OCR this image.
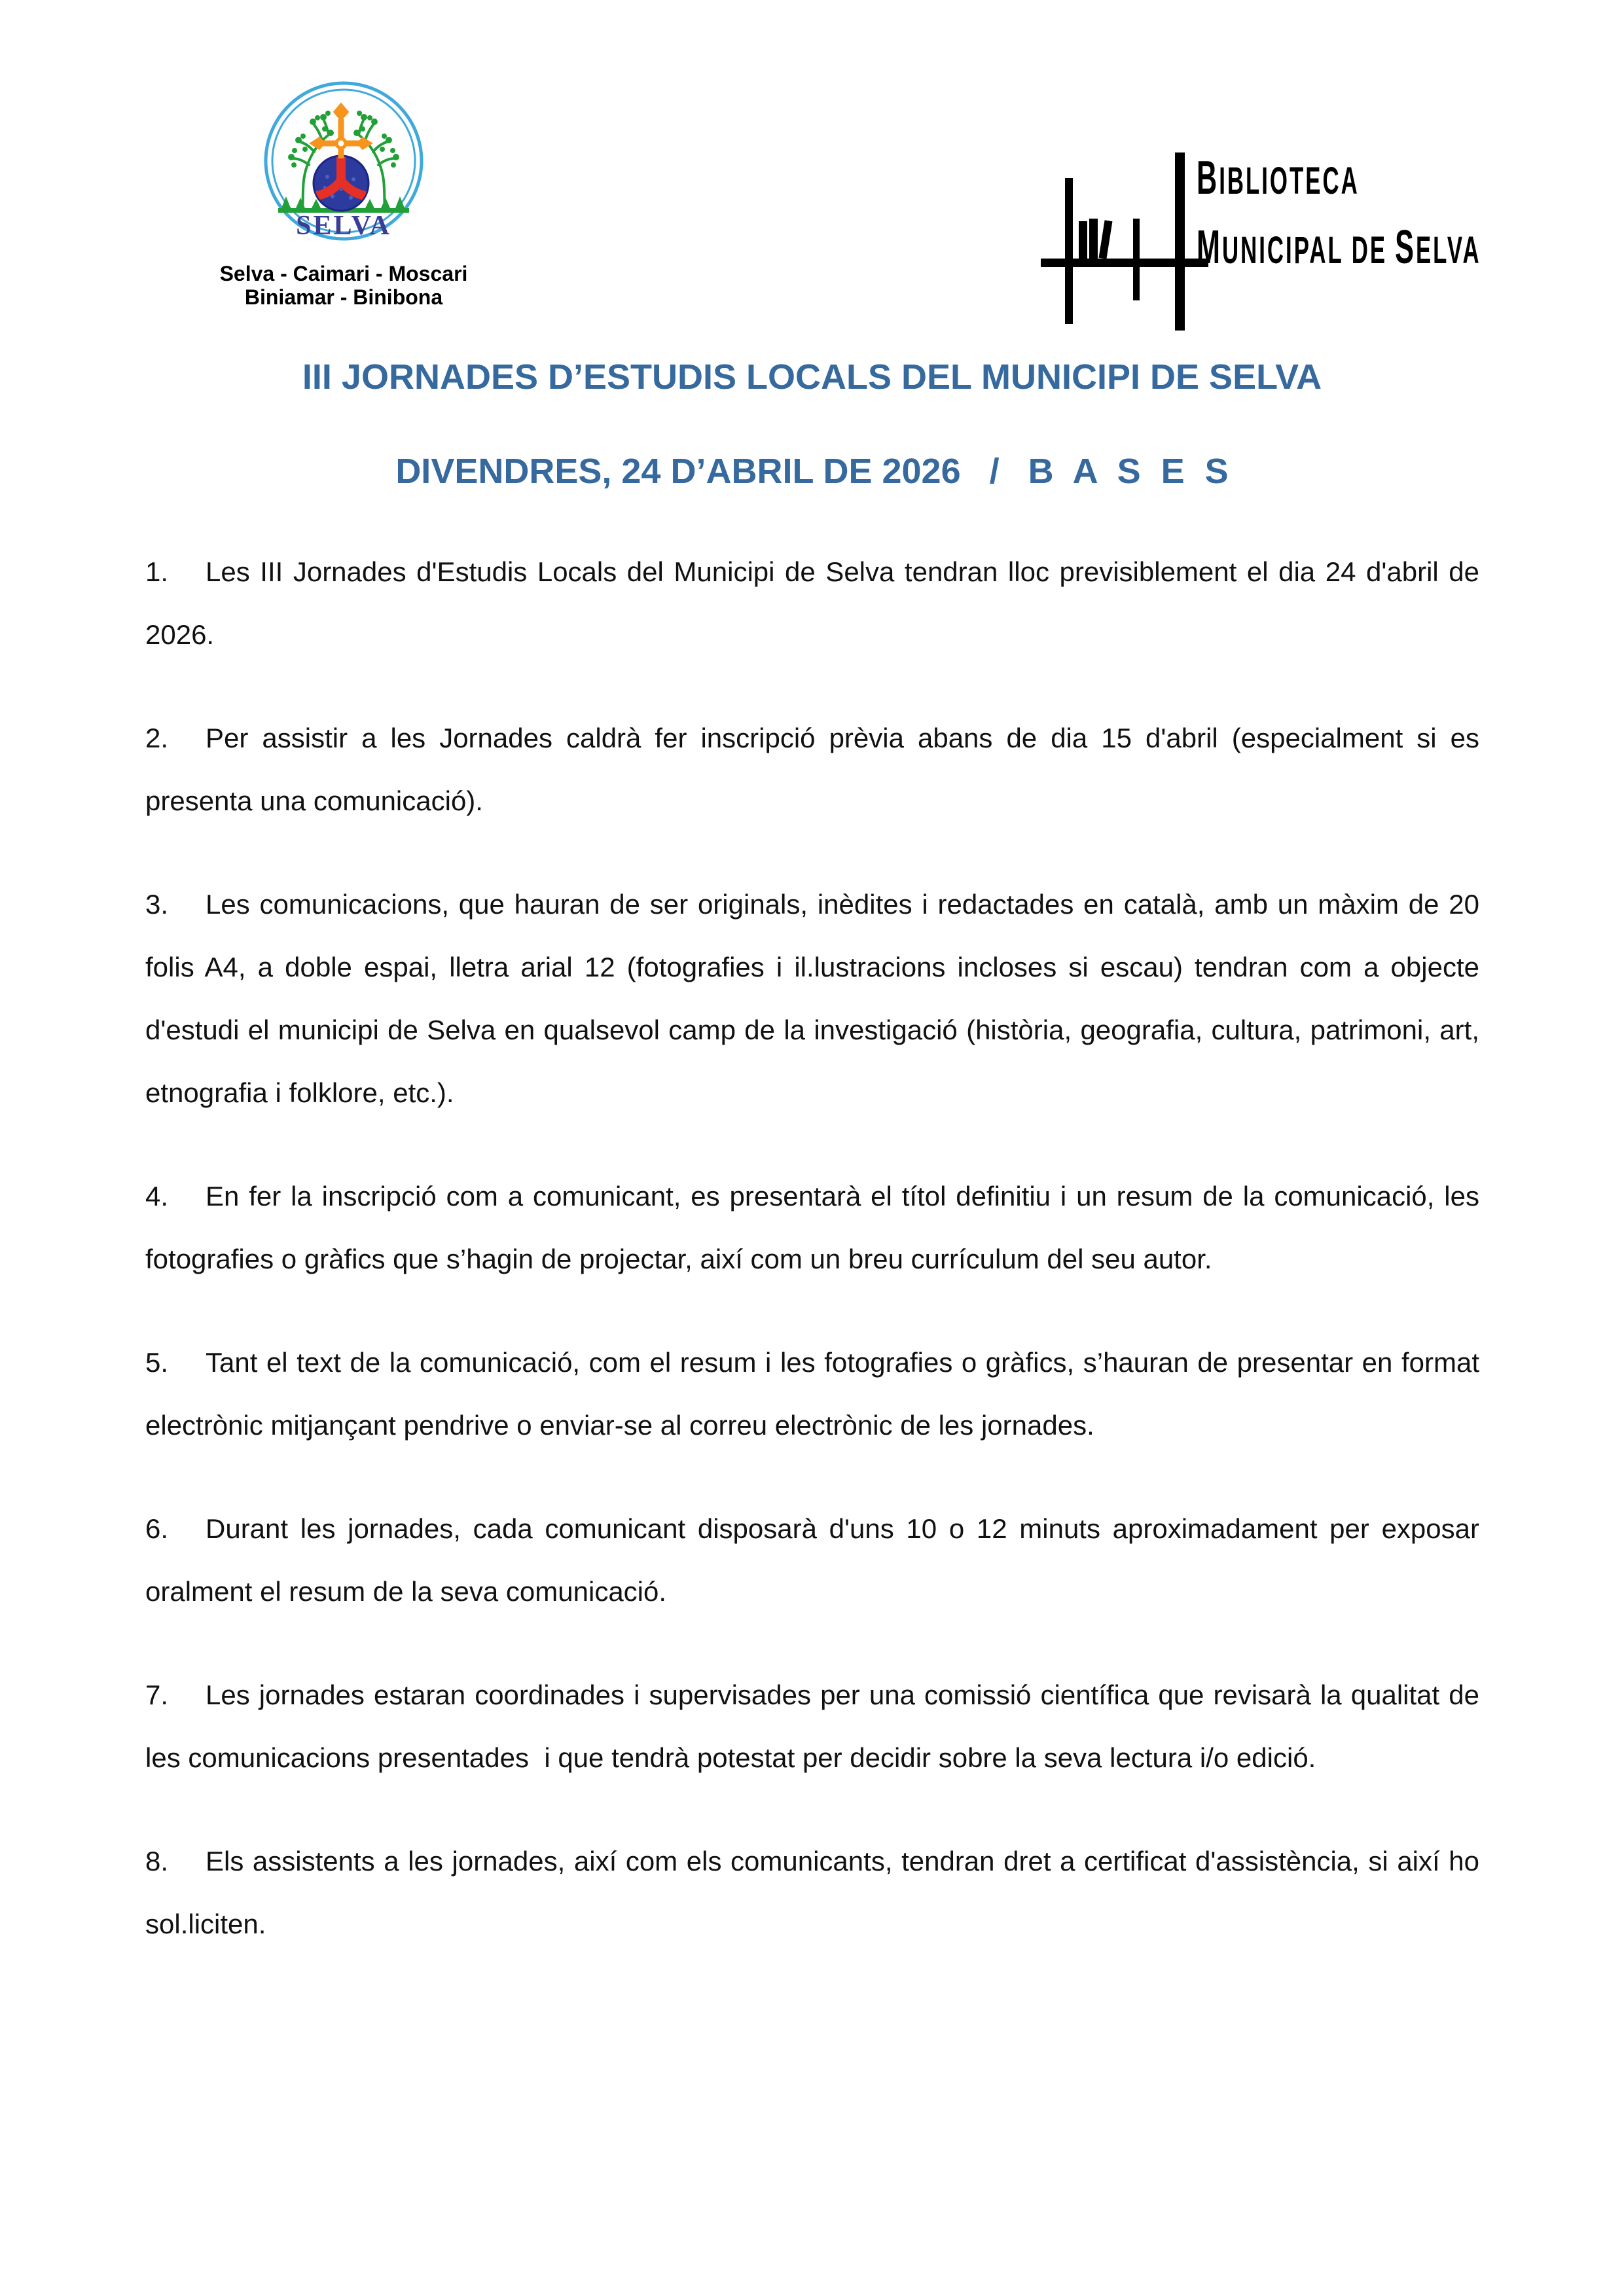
SELVA
Selva - Caimari - Moscari
Biniamar - Binibona
BIBLIOTECA
MUNICIPAL DE SELVA
III JORNADES D’ESTUDIS LOCALS DEL MUNICIPI DE SELVA
DIVENDRES, 24 D’ABRIL DE 2026 / B A S E S

1. Les III Jornades d'Estudis Locals del Municipi de Selva tendran lloc previsiblement el dia 24 d'abril de 2026.

2. Per assistir a les Jornades caldrà fer inscripció prèvia abans de dia 15 d'abril (especialment si es presenta una comunicació).

3. Les comunicacions, que hauran de ser originals, inèdites i redactades en català, amb un màxim de 20 folis A4, a doble espai, lletra arial 12 (fotografies i il.lustracions incloses si escau) tendran com a objecte d'estudi el municipi de Selva en qualsevol camp de la investigació (història, geografia, cultura, patrimoni, art, etnografia i folklore, etc.).

4. En fer la inscripció com a comunicant, es presentarà el títol definitiu i un resum de la comunicació, les fotografies o gràfics que s’hagin de projectar, així com un breu currículum del seu autor.

5. Tant el text de la comunicació, com el resum i les fotografies o gràfics, s’hauran de presentar en format electrònic mitjançant pendrive o enviar-se al correu electrònic de les jornades.

6. Durant les jornades, cada comunicant disposarà d'uns 10 o 12 minuts aproximadament per exposar oralment el resum de la seva comunicació.

7. Les jornades estaran coordinades i supervisades per una comissió científica que revisarà la qualitat de les comunicacions presentades  i que tendrà potestat per decidir sobre la seva lectura i/o edició.

8. Els assistents a les jornades, així com els comunicants, tendran dret a certificat d'assistència, si així ho sol.liciten.
